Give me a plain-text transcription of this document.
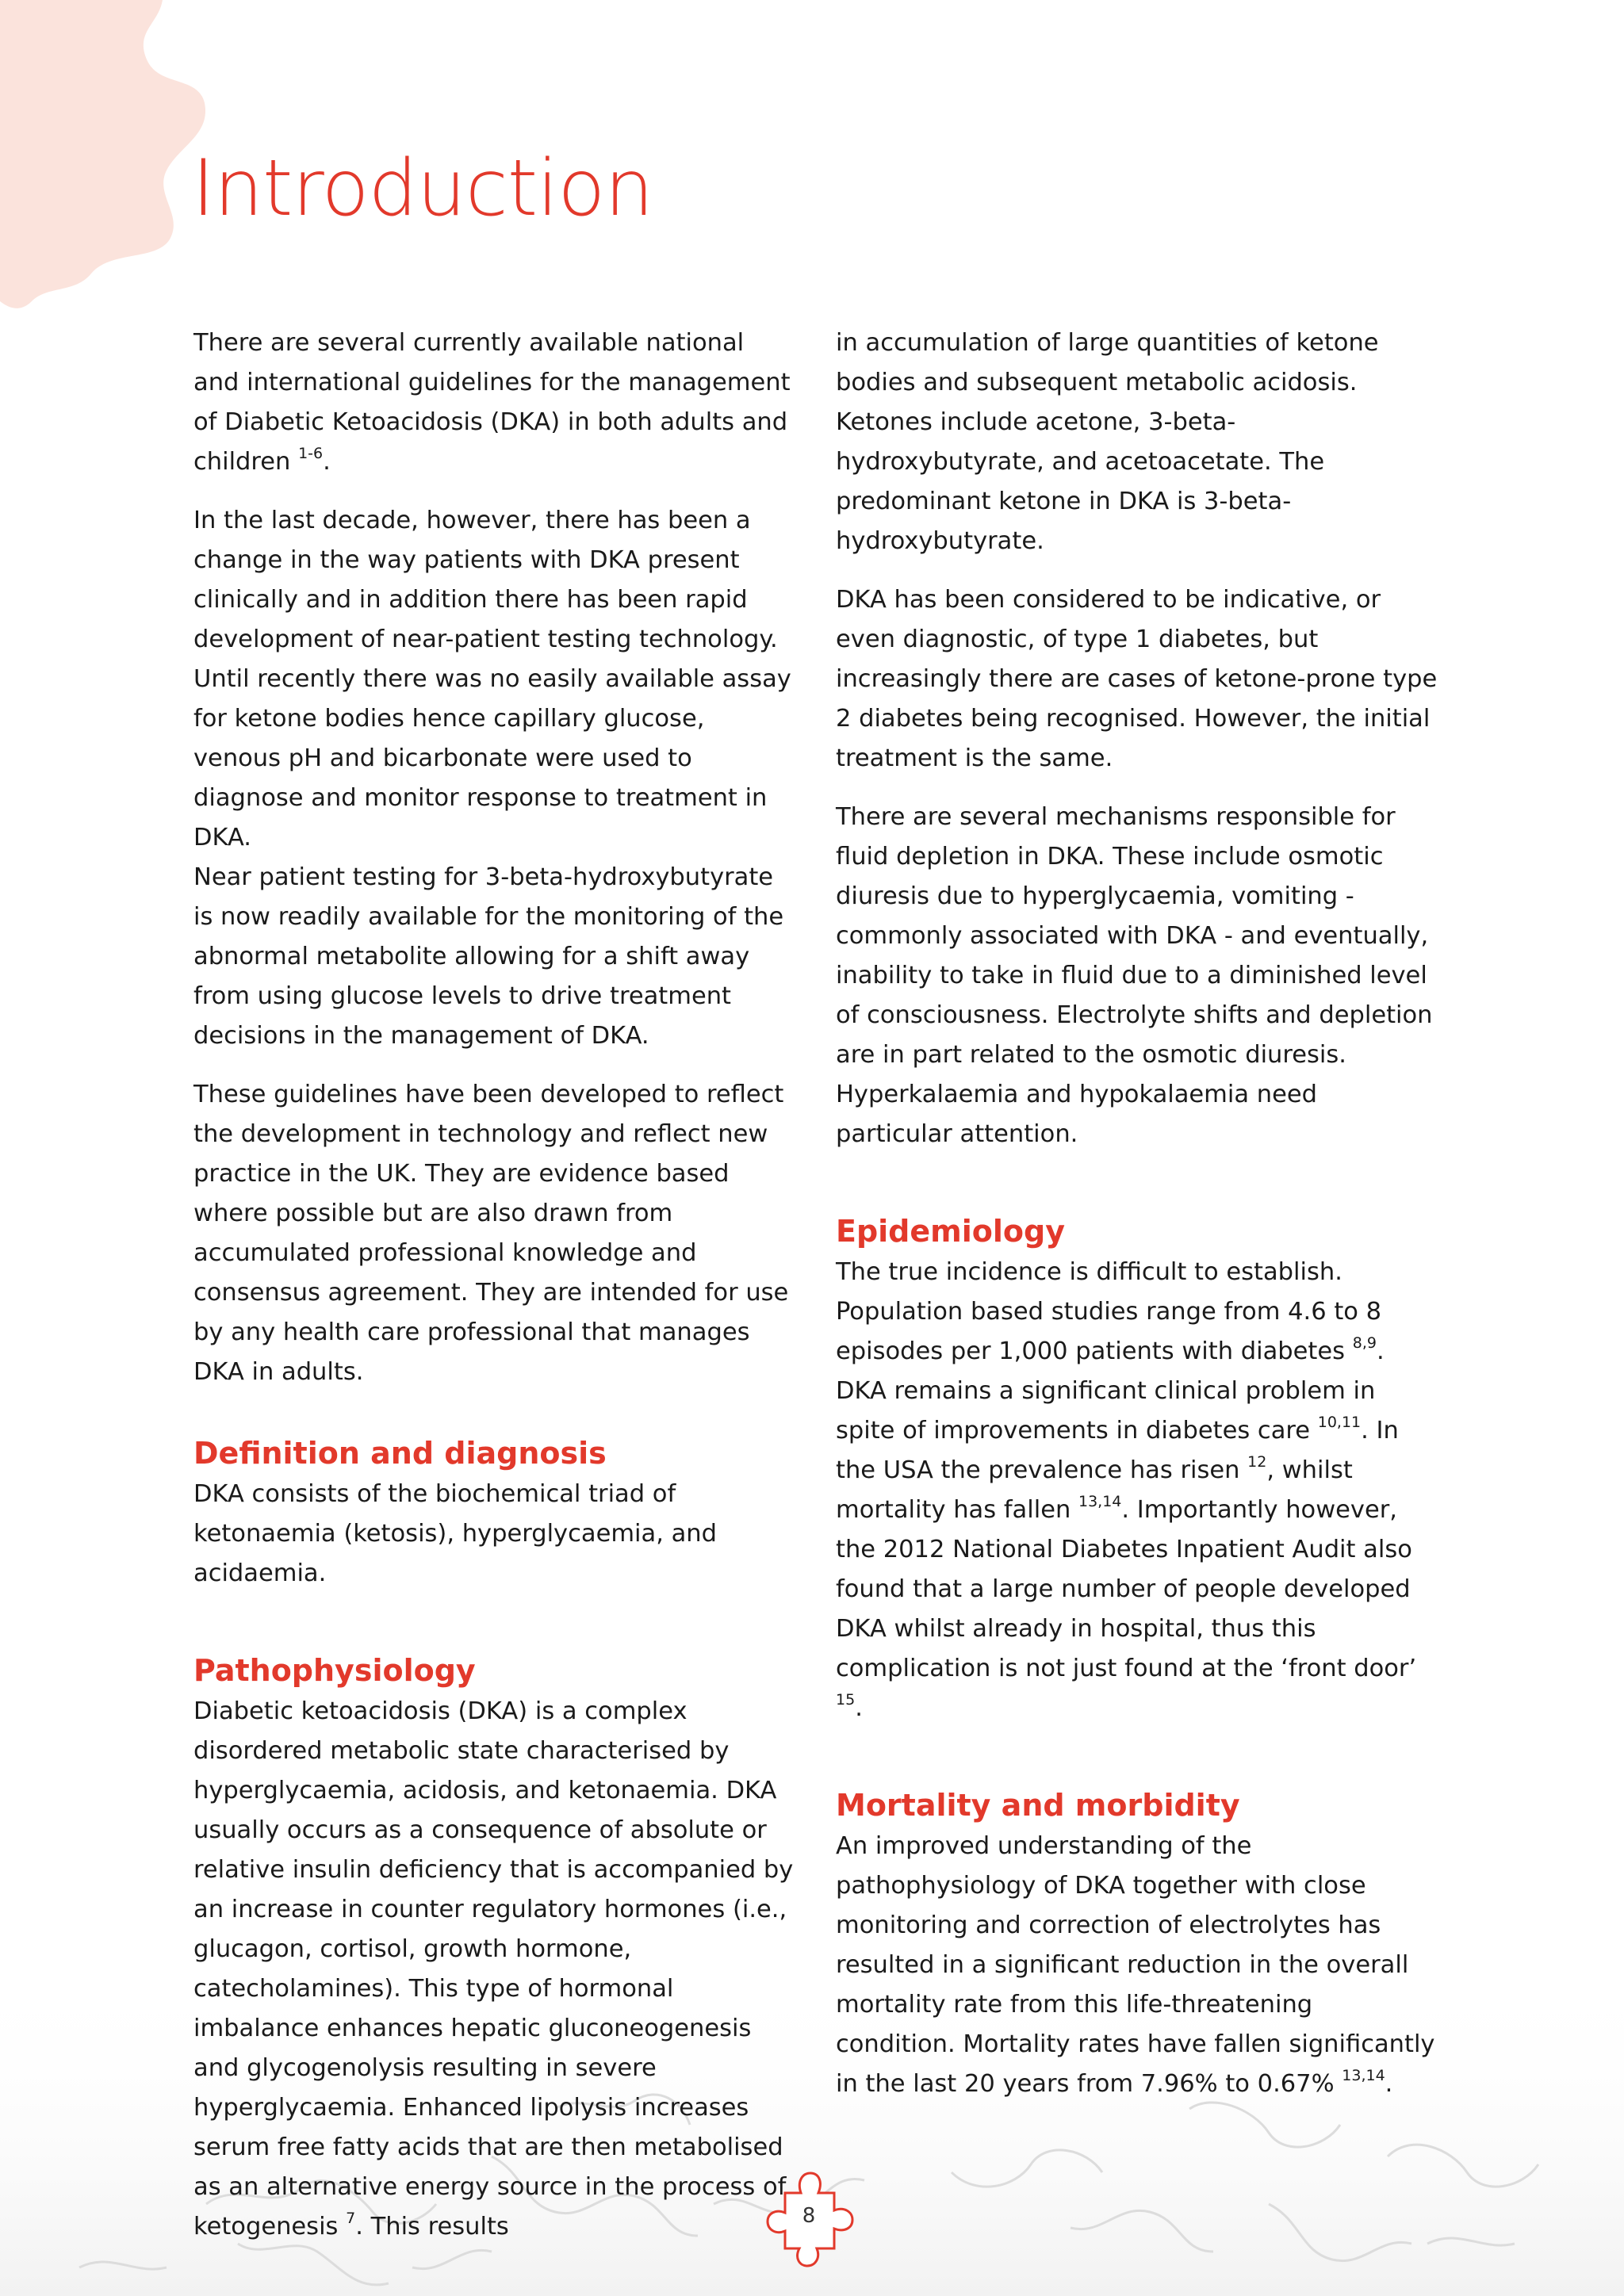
Introduction

There are several currently available national and international guidelines for the management of Diabetic Ketoacidosis (DKA) in both adults and children $^{1-6}$.

In the last decade, however, there has been a change in the way patients with DKA present clinically and in addition there has been rapid development of near-patient testing technology. Until recently there was no easily available assay for ketone bodies hence capillary glucose, venous pH and bicarbonate were used to diagnose and monitor response to treatment in DKA.

Near patient testing for 3-beta-hydroxybutyrate is now readily available for the monitoring of the abnormal metabolite allowing for a shift away from using glucose levels to drive treatment decisions in the management of DKA.

These guidelines have been developed to reflect the development in technology and reflect new practice in the UK. They are evidence based where possible but are also drawn from accumulated professional knowledge and consensus agreement. They are intended for use by any health care professional that manages DKA in adults.

Definition and diagnosis

DKA consists of the biochemical triad of ketonaemia (ketosis), hyperglycaemia, and acidaemia.

Pathophysiology

Diabetic ketoacidosis (DKA) is a complex disordered metabolic state characterised by hyperglycaemia, acidosis, and ketonaemia. DKA usually occurs as a consequence of absolute or relative insulin deficiency that is accompanied by an increase in counter regulatory hormones (i.e., glucagon, cortisol, growth hormone, catecholamines). This type of hormonal imbalance enhances hepatic gluconeogenesis and glycogenolysis resulting in severe hyperglycaemia. Enhanced lipolysis increases serum free fatty acids that are then metabolised as an alternative energy source in the process of ketogenesis $^7$. This results

in accumulation of large quantities of ketone bodies and subsequent metabolic acidosis. Ketones include acetone, 3-beta-hydroxybutyrate, and acetoacetate. The predominant ketone in DKA is 3-beta-hydroxybutyrate.

DKA has been considered to be indicative, or even diagnostic, of type 1 diabetes, but increasingly there are cases of ketone-prone type 2 diabetes being recognised. However, the initial treatment is the same.

There are several mechanisms responsible for fluid depletion in DKA. These include osmotic diuresis due to hyperglycaemia, vomiting - commonly associated with DKA - and eventually, inability to take in fluid due to a diminished level of consciousness. Electrolyte shifts and depletion are in part related to the osmotic diuresis. Hyperkalaemia and hypokalaemia need particular attention.

Epidemiology

The true incidence is difficult to establish. Population based studies range from 4.6 to 8 episodes per 1,000 patients with diabetes $^{8,9}$. DKA remains a significant clinical problem in spite of improvements in diabetes care $^{10,11}$. In the USA the prevalence has risen $^{12}$, whilst mortality has fallen $^{13,14}$. Importantly however, the 2012 National Diabetes Inpatient Audit also found that a large number of people developed DKA whilst already in hospital, thus this complication is not just found at the ‘front door’ $^{15}$.

Mortality and morbidity

An improved understanding of the pathophysiology of DKA together with close monitoring and correction of electrolytes has resulted in a significant reduction in the overall mortality rate from this life-threatening condition. Mortality rates have fallen significantly in the last 20 years from 7.96% to 0.67% $^{13,14}$.

8
